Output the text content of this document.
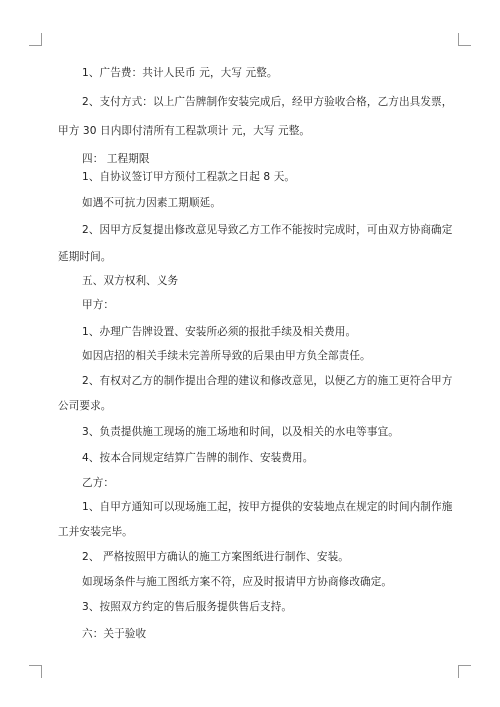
1、广告费：共计人民币 元，大写 元整。
2、支付方式：以上广告牌制作安装完成后，经甲方验收合格，乙方出具发票，
甲方 30 日内即付清所有工程款项计 元，大写 元整。
四： 工程期限
1、自协议签订甲方预付工程款之日起 8 天。
如遇不可抗力因素工期顺延。
2、因甲方反复提出修改意见导致乙方工作不能按时完成时，可由双方协商确定
延期时间。
五、双方权利、义务
甲方：
1、办理广告牌设置、安装所必须的报批手续及相关费用。
如因店招的相关手续未完善所导致的后果由甲方负全部责任。
2、有权对乙方的制作提出合理的建议和修改意见，以便乙方的施工更符合甲方
公司要求。
3、负责提供施工现场的施工场地和时间，以及相关的水电等事宜。
4、按本合同规定结算广告牌的制作、安装费用。
乙方：
1、自甲方通知可以现场施工起，按甲方提供的安装地点在规定的时间内制作施
工并安装完毕。
2、 严格按照甲方确认的施工方案图纸进行制作、安装。
如现场条件与施工图纸方案不符，应及时报请甲方协商修改确定。
3、按照双方约定的售后服务提供售后支持。
六：关于验收
